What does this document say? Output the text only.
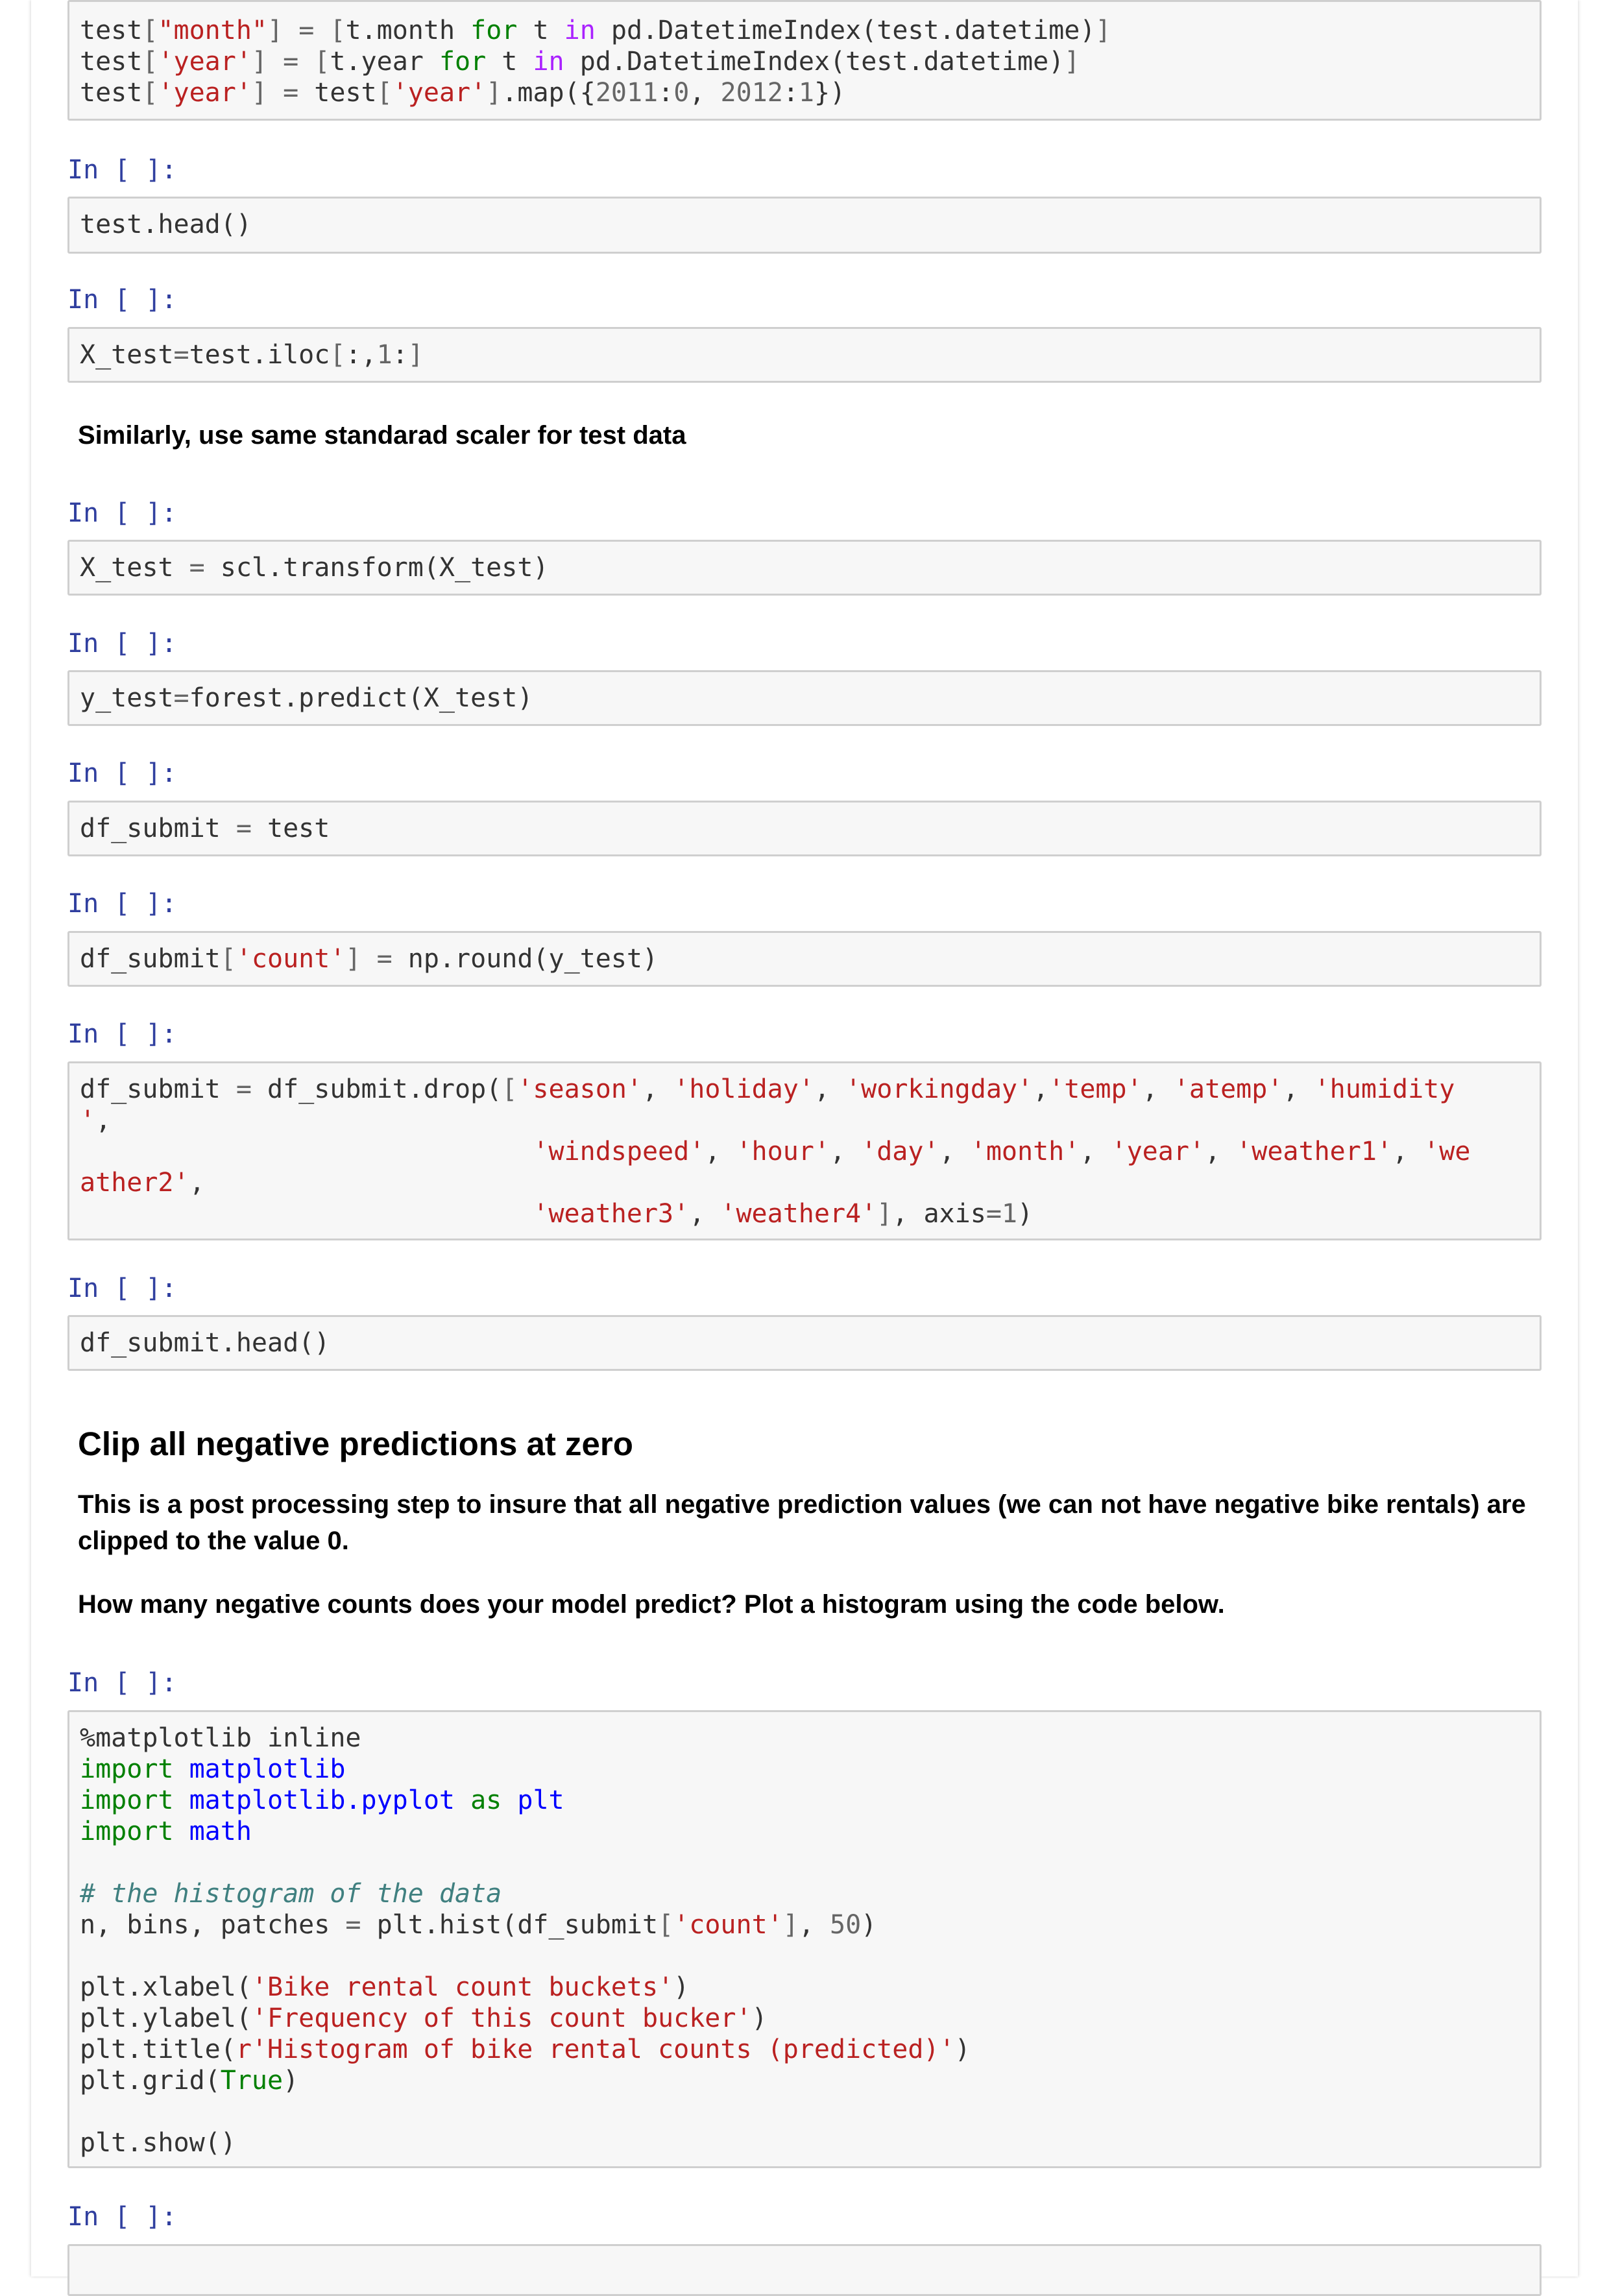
test["month"] = [t.month for t in pd.DatetimeIndex(test.datetime)]
test['year'] = [t.year for t in pd.DatetimeIndex(test.datetime)]
test['year'] = test['year'].map({2011:0, 2012:1})
In [ ]:
test.head()
In [ ]:
X_test=test.iloc[:,1:]
Similarly, use same standarad scaler for test data
In [ ]:
X_test = scl.transform(X_test)
In [ ]:
y_test=forest.predict(X_test)
In [ ]:
df_submit = test
In [ ]:
df_submit['count'] = np.round(y_test)
In [ ]:
df_submit = df_submit.drop(['season', 'holiday', 'workingday','temp', 'atemp', 'humidity
',
'windspeed', 'hour', 'day', 'month', 'year', 'weather1', 'we
ather2',
'weather3', 'weather4'], axis=1)
In [ ]:
df_submit.head()
Clip all negative predictions at zero
This is a post processing step to insure that all negative prediction values (we can not have negative bike rentals) are clipped to the value 0.
How many negative counts does your model predict? Plot a histogram using the code below.
In [ ]:
%matplotlib inline
import matplotlib
import matplotlib.pyplot as plt
import math
# the histogram of the data
n, bins, patches = plt.hist(df_submit['count'], 50)
plt.xlabel('Bike rental count buckets')
plt.ylabel('Frequency of this count bucker')
plt.title(r'Histogram of bike rental counts (predicted)')
plt.grid(True)
plt.show()
In [ ]:
